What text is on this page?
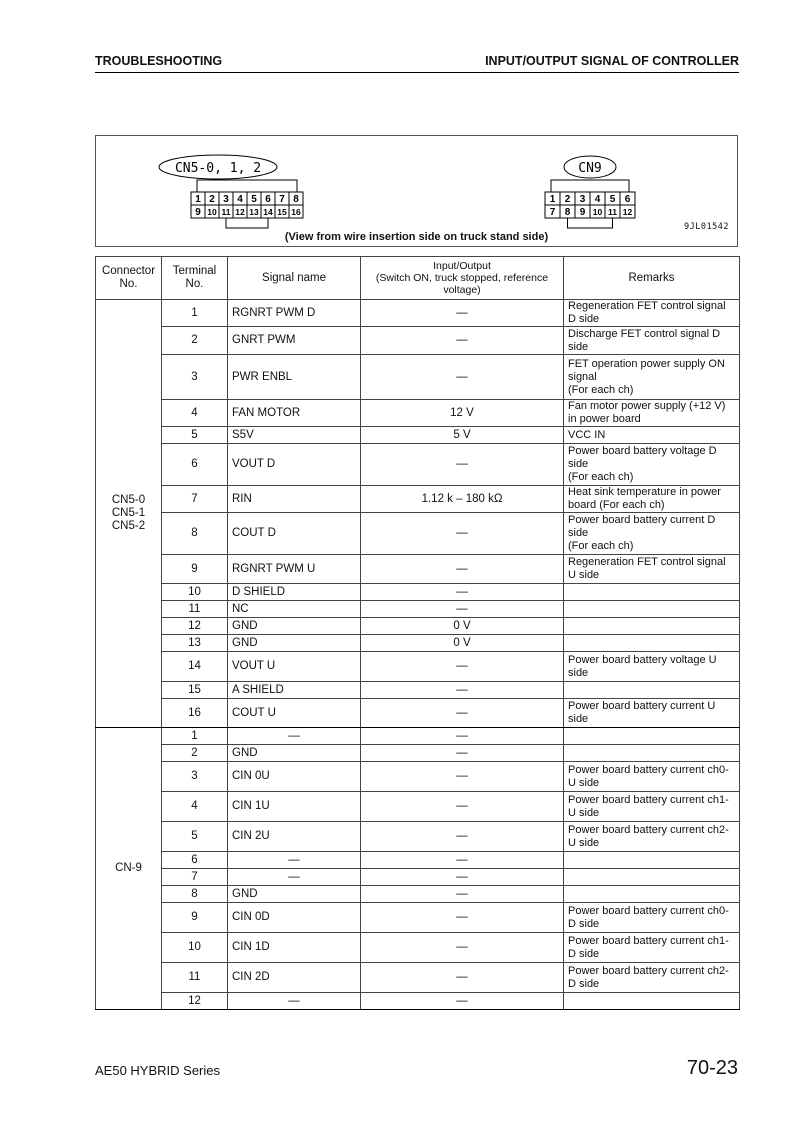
TROUBLESHOOTING	INPUT/OUTPUT SIGNAL OF CONTROLLER
1 2 3 4 5 6 7 8
9 10 11 12 13 14 15 16
CN5-0, 1, 2
1 2 3 4 5 6
7 8 9 10 11 12
CN9
9JL01542
(View from wire insertion side on truck stand side)
Connector No.	Terminal No.	Signal name	Input/Output
(Switch ON, truck stopped, reference voltage)	Remarks
CN5-0
CN5-1
CN5-2	1	RGNRT PWM D	—	Regeneration FET control signal D side
	2	GNRT PWM	—	Discharge FET control signal D side
	3	PWR ENBL	—	FET operation power supply ON signal
(For each ch)
	4	FAN MOTOR	12 V	Fan motor power supply (+12 V) in power board
	5	S5V	5 V	VCC IN
	6	VOUT D	—	Power board battery voltage D side
(For each ch)
	7	RIN	1.12 k – 180 kΩ	Heat sink temperature in power board (For each ch)
	8	COUT D	—	Power board battery current D side
(For each ch)
	9	RGNRT PWM U	—	Regeneration FET control signal U side
	10	D SHIELD	—	
	11	NC	—	
	12	GND	0 V	
	13	GND	0 V	
	14	VOUT U	—	Power board battery voltage U side
	15	A SHIELD	—	
	16	COUT U	—	Power board battery current U side
CN-9	1	—	—	
	2	GND	—	
	3	CIN 0U	—	Power board battery current ch0-U side
	4	CIN 1U	—	Power board battery current ch1-U side
	5	CIN 2U	—	Power board battery current ch2-U side
	6	—	—	
	7	—	—	
	8	GND	—	
	9	CIN 0D	—	Power board battery current ch0-D side
	10	CIN 1D	—	Power board battery current ch1-D side
	11	CIN 2D	—	Power board battery current ch2-D side
	12	—	—	
AE50 HYBRID Series	70-23
